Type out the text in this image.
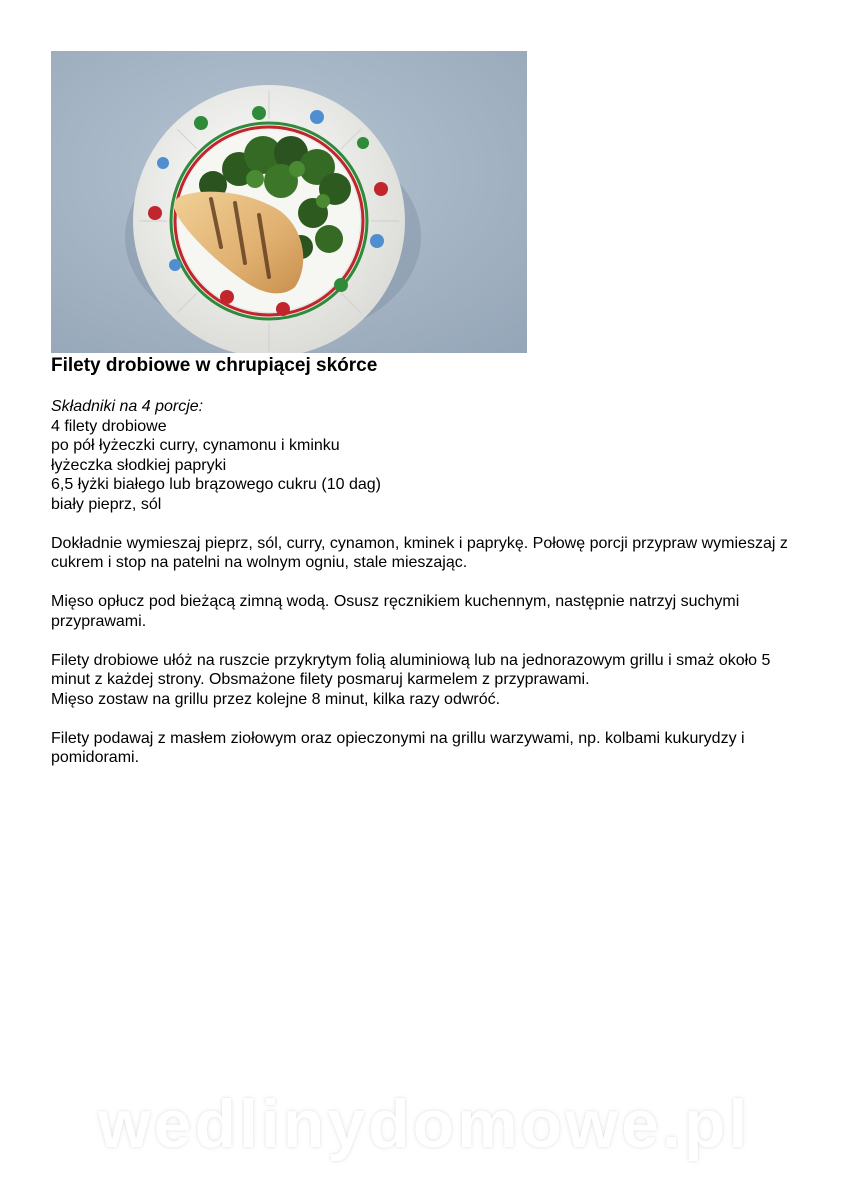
Filety drobiowe w chrupiącej skórce

Składniki na 4 porcje:
4 filety drobiowe
po pół łyżeczki curry, cynamonu i kminku
łyżeczka słodkiej papryki
6,5 łyżki białego lub brązowego cukru (10 dag)
biały pieprz, sól

Dokładnie wymieszaj pieprz, sól, curry, cynamon, kminek i paprykę. Połowę porcji przypraw wymieszaj z cukrem i stop na patelni na wolnym ogniu, stale mieszając.

Mięso opłucz pod bieżącą zimną wodą. Osusz ręcznikiem kuchennym, następnie natrzyj suchymi przyprawami.

Filety drobiowe ułóż na ruszcie przykrytym folią aluminiową lub na jednorazowym grillu i smaż około 5 minut z każdej strony. Obsmażone filety posmaruj karmelem z przyprawami.
Mięso zostaw na grillu przez kolejne 8 minut, kilka razy odwróć.

Filety podawaj z masłem ziołowym oraz opieczonymi na grillu warzywami, np. kolbami kukurydzy i pomidorami.

wedlinydomowe.pl
